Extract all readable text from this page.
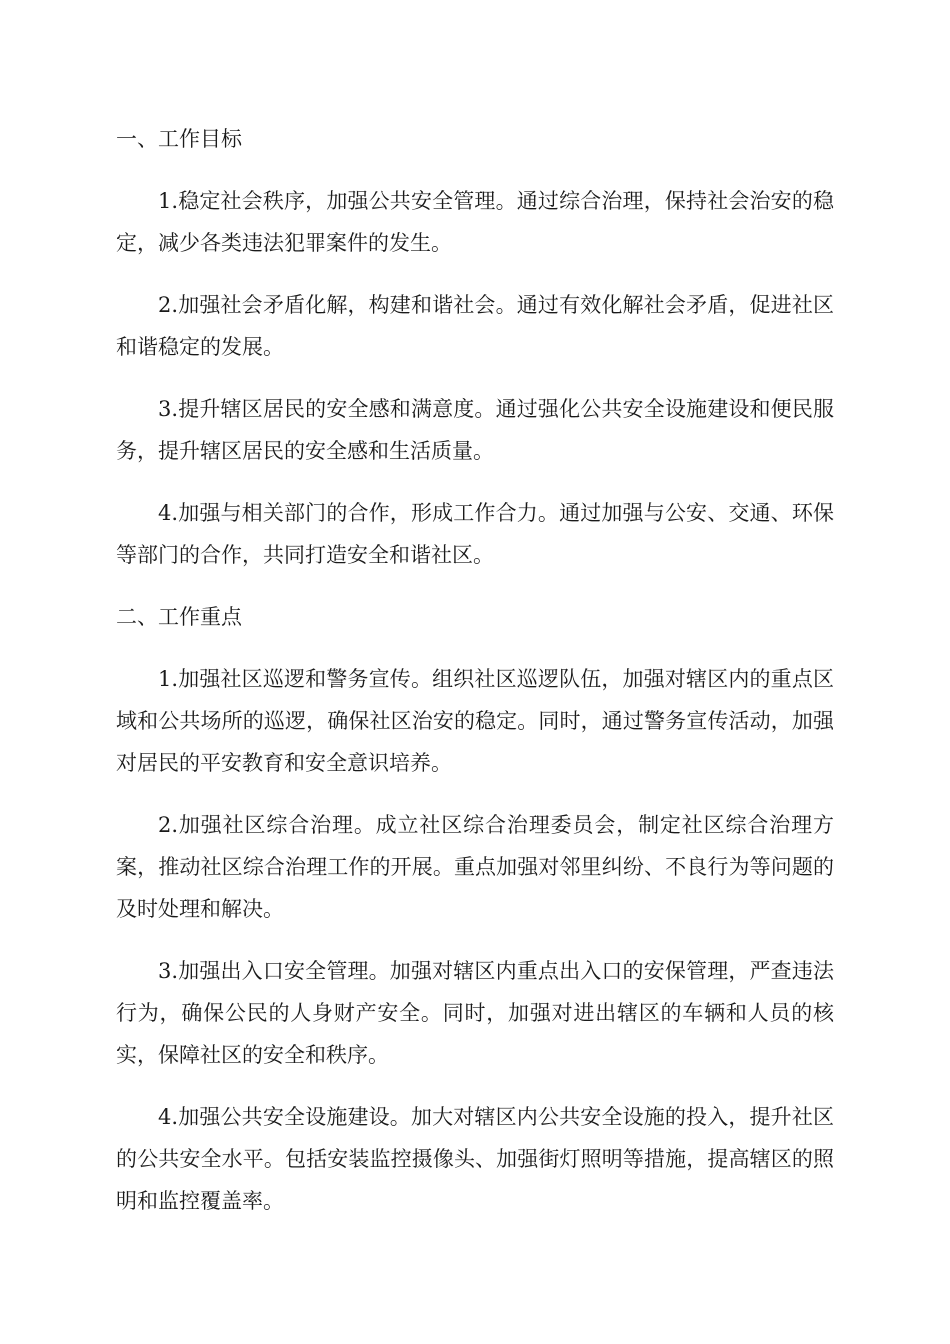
一、工作目标

1.稳定社会秩序，加强公共安全管理。通过综合治理，保持社会治安的稳定，减少各类违法犯罪案件的发生。

2.加强社会矛盾化解，构建和谐社会。通过有效化解社会矛盾，促进社区和谐稳定的发展。

3.提升辖区居民的安全感和满意度。通过强化公共安全设施建设和便民服务，提升辖区居民的安全感和生活质量。

4.加强与相关部门的合作，形成工作合力。通过加强与公安、交通、环保等部门的合作，共同打造安全和谐社区。

二、工作重点

1.加强社区巡逻和警务宣传。组织社区巡逻队伍，加强对辖区内的重点区域和公共场所的巡逻，确保社区治安的稳定。同时，通过警务宣传活动，加强对居民的平安教育和安全意识培养。

2.加强社区综合治理。成立社区综合治理委员会，制定社区综合治理方案，推动社区综合治理工作的开展。重点加强对邻里纠纷、不良行为等问题的及时处理和解决。

3.加强出入口安全管理。加强对辖区内重点出入口的安保管理，严查违法行为，确保公民的人身财产安全。同时，加强对进出辖区的车辆和人员的核实，保障社区的安全和秩序。

4.加强公共安全设施建设。加大对辖区内公共安全设施的投入，提升社区的公共安全水平。包括安装监控摄像头、加强街灯照明等措施，提高辖区的照明和监控覆盖率。
